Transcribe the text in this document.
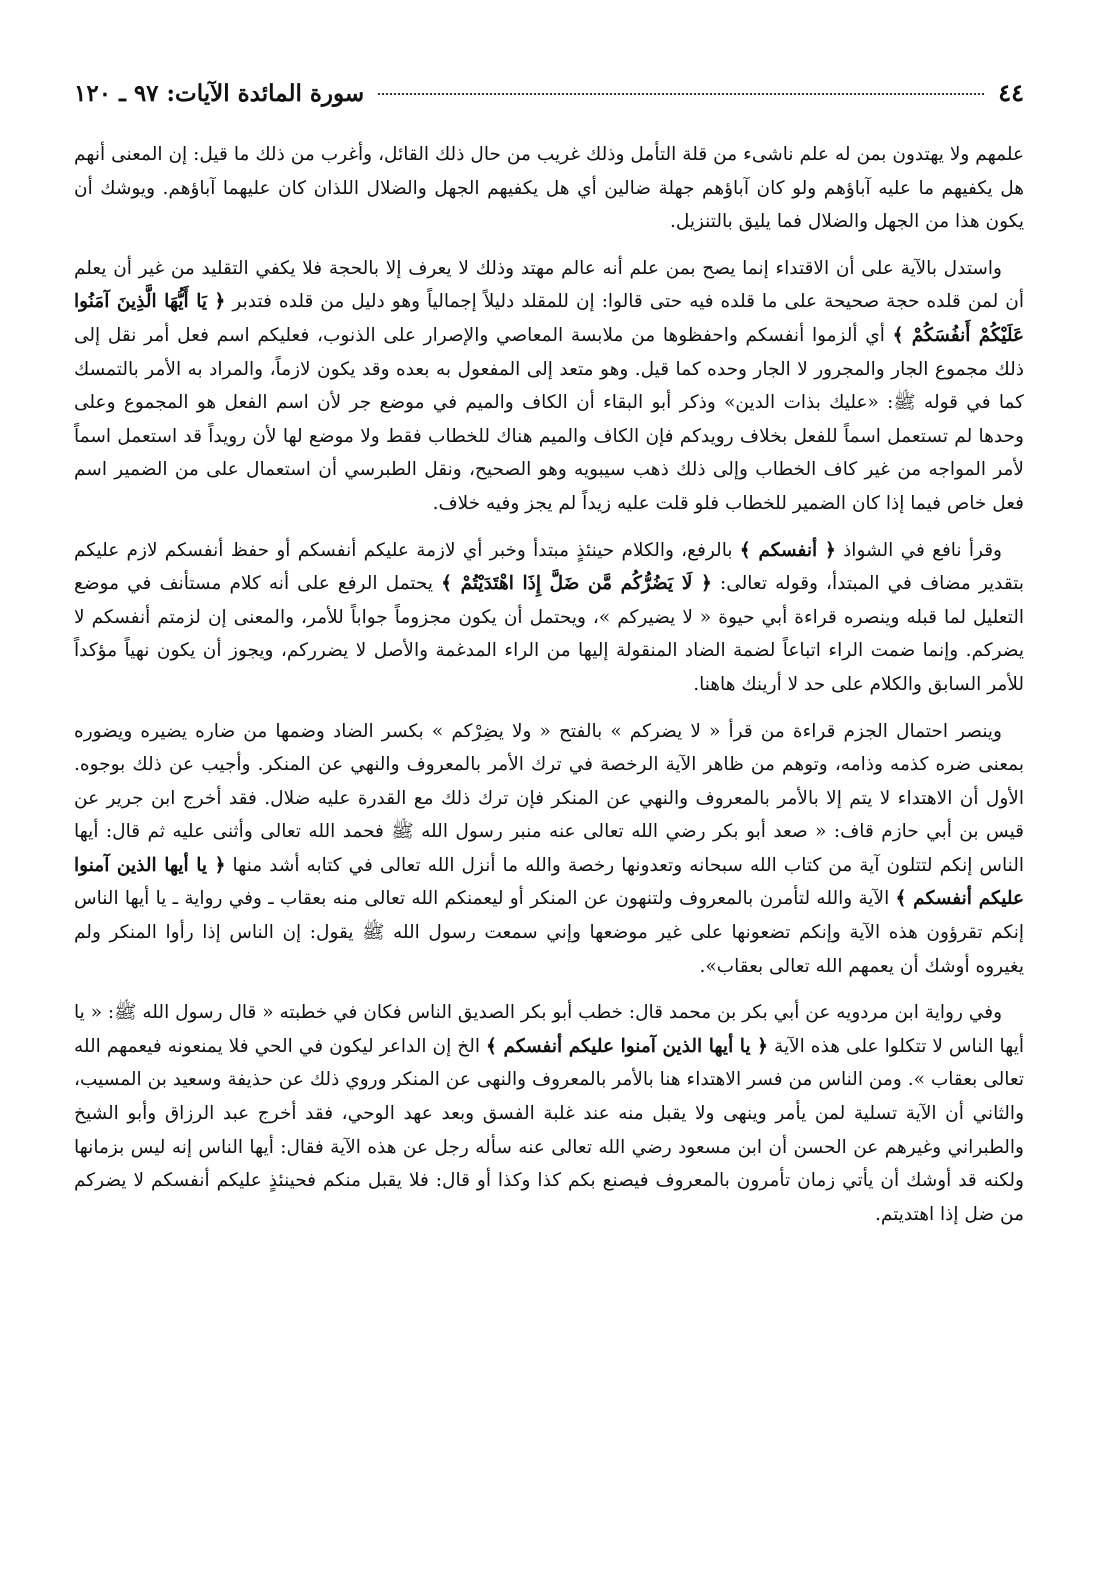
٤٤
سورة المائدة الآيات: ٩٧ ـ ١٢٠

علمهم ولا يهتدون بمن له علم ناشىء من قلة التأمل وذلك غريب من حال ذلك القائل، وأغرب من ذلك ما قيل: إن المعنى أنهم هل يكفيهم ما عليه آباؤهم ولو كان آباؤهم جهلة ضالين أي هل يكفيهم الجهل والضلال اللذان كان عليهما آباؤهم. ويوشك أن يكون هذا من الجهل والضلال فما يليق بالتنزيل.

واستدل بالآية على أن الاقتداء إنما يصح بمن علم أنه عالم مهتد وذلك لا يعرف إلا بالحجة فلا يكفي التقليد من غير أن يعلم أن لمن قلده حجة صحيحة على ما قلده فيه حتى قالوا: إن للمقلد دليلاً إجمالياً وهو دليل من قلده فتدبر ﴿ يَا أَيُّهَا الَّذِينَ آمَنُوا عَلَيْكُمْ أَنفُسَكُمْ ﴾ أي ألزموا أنفسكم واحفظوها من ملابسة المعاصي والإصرار على الذنوب، فعليكم اسم فعل أمر نقل إلى ذلك مجموع الجار والمجرور لا الجار وحده كما قيل. وهو متعد إلى المفعول به بعده وقد يكون لازماً، والمراد به الأمر بالتمسك كما في قوله ﷺ: «عليك بذات الدين» وذكر أبو البقاء أن الكاف والميم في موضع جر لأن اسم الفعل هو المجموع وعلى وحدها لم تستعمل اسماً للفعل بخلاف رويدكم فإن الكاف والميم هناك للخطاب فقط ولا موضع لها لأن رويداً قد استعمل اسماً لأمر المواجه من غير كاف الخطاب وإلى ذلك ذهب سيبويه وهو الصحيح، ونقل الطبرسي أن استعمال على من الضمير اسم فعل خاص فيما إذا كان الضمير للخطاب فلو قلت عليه زيداً لم يجز وفيه خلاف.

وقرأ نافع في الشواذ ﴿ أنفسكم ﴾ بالرفع، والكلام حينئذٍ مبتدأ وخبر أي لازمة عليكم أنفسكم أو حفظ أنفسكم لازم عليكم بتقدير مضاف في المبتدأ، وقوله تعالى: ﴿ لَا يَضُرُّكُم مَّن ضَلَّ إِذَا اهْتَدَيْتُمْ ﴾ يحتمل الرفع على أنه كلام مستأنف في موضع التعليل لما قبله وينصره قراءة أبي حيوة « لا يضيركم »، ويحتمل أن يكون مجزوماً جواباً للأمر، والمعنى إن لزمتم أنفسكم لا يضركم. وإنما ضمت الراء اتباعاً لضمة الضاد المنقولة إليها من الراء المدغمة والأصل لا يضرركم، ويجوز أن يكون نهياً مؤكداً للأمر السابق والكلام على حد لا أرينك هاهنا.

وينصر احتمال الجزم قراءة من قرأ « لا يضركم » بالفتح « ولا يضِرْكم » بكسر الضاد وضمها من ضاره يضيره ويضوره بمعنى ضره كذمه وذامه، وتوهم من ظاهر الآية الرخصة في ترك الأمر بالمعروف والنهي عن المنكر. وأجيب عن ذلك بوجوه. الأول أن الاهتداء لا يتم إلا بالأمر بالمعروف والنهي عن المنكر فإن ترك ذلك مع القدرة عليه ضلال. فقد أخرج ابن جرير عن قيس بن أبي حازم قاف: « صعد أبو بكر رضي الله تعالى عنه منبر رسول الله ﷺ فحمد الله تعالى وأثنى عليه ثم قال: أيها الناس إنكم لتتلون آية من كتاب الله سبحانه وتعدونها رخصة والله ما أنزل الله تعالى في كتابه أشد منها ﴿ يا أيها الذين آمنوا عليكم أنفسكم ﴾ الآية والله لتأمرن بالمعروف ولتنهون عن المنكر أو ليعمنكم الله تعالى منه بعقاب ـ وفي رواية ـ يا أيها الناس إنكم تقرؤون هذه الآية وإنكم تضعونها على غير موضعها وإني سمعت رسول الله ﷺ يقول: إن الناس إذا رأوا المنكر ولم يغيروه أوشك أن يعمهم الله تعالى بعقاب».

وفي رواية ابن مردويه عن أبي بكر بن محمد قال: خطب أبو بكر الصديق الناس فكان في خطبته « قال رسول الله ﷺ: « يا أيها الناس لا تتكلوا على هذه الآية ﴿ يا أيها الذين آمنوا عليكم أنفسكم ﴾ الخ إن الداعر ليكون في الحي فلا يمنعونه فيعمهم الله تعالى بعقاب ». ومن الناس من فسر الاهتداء هنا بالأمر بالمعروف والنهى عن المنكر وروي ذلك عن حذيفة وسعيد بن المسيب، والثاني أن الآية تسلية لمن يأمر وينهى ولا يقبل منه عند غلبة الفسق وبعد عهد الوحي، فقد أخرج عبد الرزاق وأبو الشيخ والطبراني وغيرهم عن الحسن أن ابن مسعود رضي الله تعالى عنه سأله رجل عن هذه الآية فقال: أيها الناس إنه ليس بزمانها ولكنه قد أوشك أن يأتي زمان تأمرون بالمعروف فيصنع بكم كذا وكذا أو قال: فلا يقبل منكم فحينئذٍ عليكم أنفسكم لا يضركم من ضل إذا اهتديتم.
